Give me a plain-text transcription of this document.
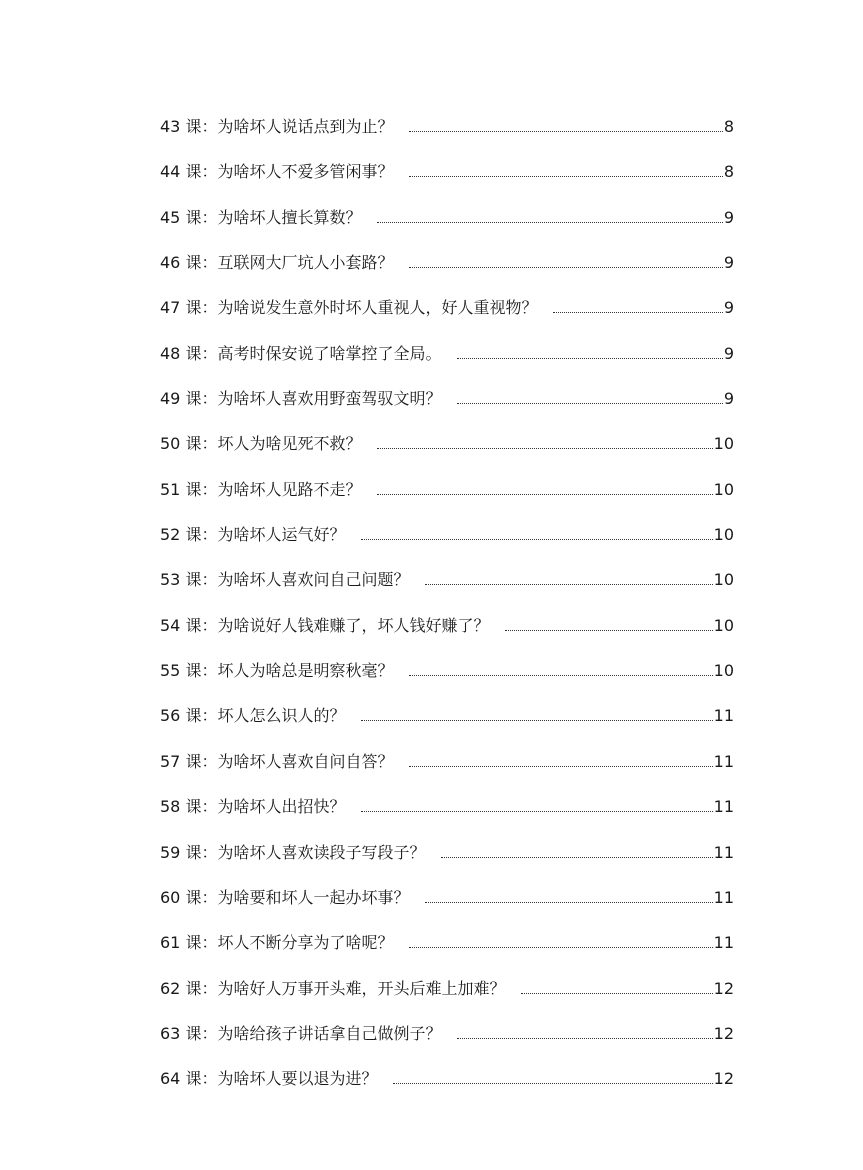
43 课：为啥坏人说话点到为止？	8
44 课：为啥坏人不爱多管闲事？	8
45 课：为啥坏人擅长算数？	9
46 课：互联网大厂坑人小套路？	9
47 课：为啥说发生意外时坏人重视人，好人重视物？	9
48 课：高考时保安说了啥掌控了全局。	9
49 课：为啥坏人喜欢用野蛮驾驭文明？	9
50 课：坏人为啥见死不救？	10
51 课：为啥坏人见路不走？	10
52 课：为啥坏人运气好？	10
53 课：为啥坏人喜欢问自己问题？	10
54 课：为啥说好人钱难赚了，坏人钱好赚了？	10
55 课：坏人为啥总是明察秋毫？	10
56 课：坏人怎么识人的？	11
57 课：为啥坏人喜欢自问自答？	11
58 课：为啥坏人出招快？	11
59 课：为啥坏人喜欢读段子写段子？	11
60 课：为啥要和坏人一起办坏事？	11
61 课：坏人不断分享为了啥呢？	11
62 课：为啥好人万事开头难，开头后难上加难？	12
63 课：为啥给孩子讲话拿自己做例子？	12
64 课：为啥坏人要以退为进？	12
